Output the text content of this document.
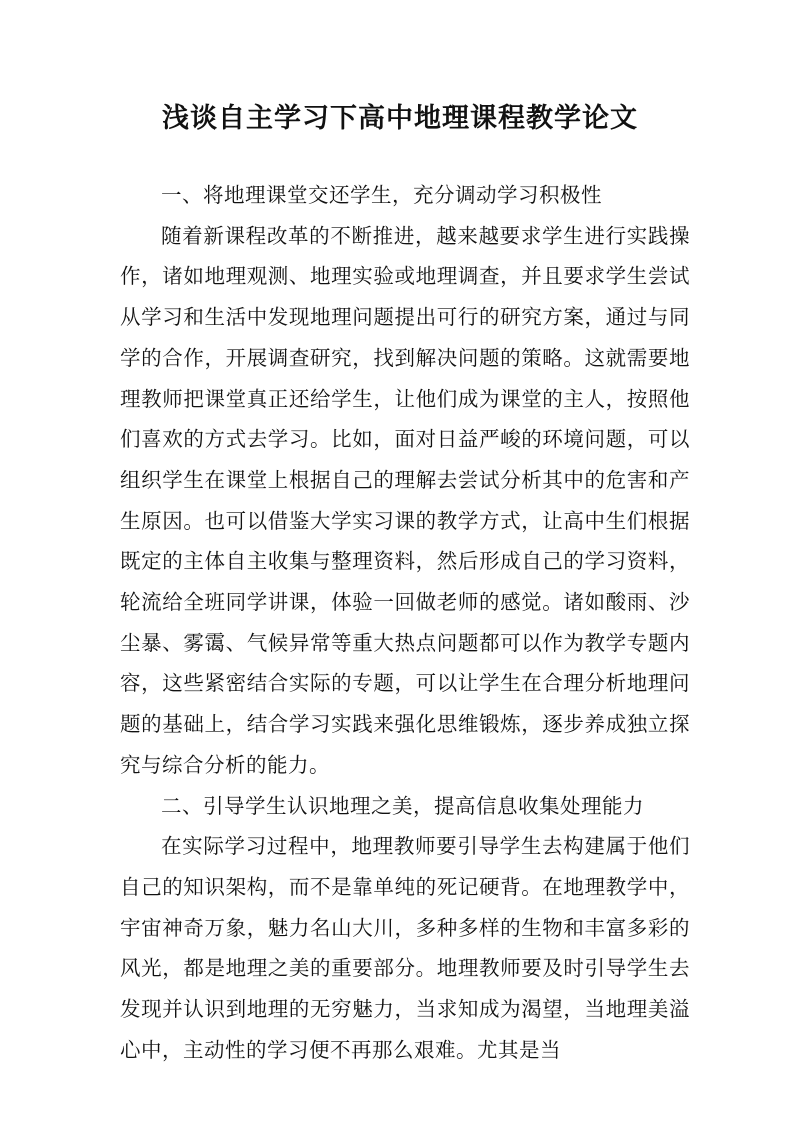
浅谈自主学习下高中地理课程教学论文

一、将地理课堂交还学生，充分调动学习积极性

随着新课程改革的不断推进，越来越要求学生进行实践操作，诸如地理观测、地理实验或地理调查，并且要求学生尝试从学习和生活中发现地理问题提出可行的研究方案，通过与同学的合作，开展调查研究，找到解决问题的策略。这就需要地理教师把课堂真正还给学生，让他们成为课堂的主人，按照他们喜欢的方式去学习。比如，面对日益严峻的环境问题，可以组织学生在课堂上根据自己的理解去尝试分析其中的危害和产生原因。也可以借鉴大学实习课的教学方式，让高中生们根据既定的主体自主收集与整理资料，然后形成自己的学习资料，轮流给全班同学讲课，体验一回做老师的感觉。诸如酸雨、沙尘暴、雾霭、气候异常等重大热点问题都可以作为教学专题内容，这些紧密结合实际的专题，可以让学生在合理分析地理问题的基础上，结合学习实践来强化思维锻炼，逐步养成独立探究与综合分析的能力。

二、引导学生认识地理之美，提高信息收集处理能力

在实际学习过程中，地理教师要引导学生去构建属于他们自己的知识架构，而不是靠单纯的死记硬背。在地理教学中，宇宙神奇万象，魅力名山大川，多种多样的生物和丰富多彩的风光，都是地理之美的重要部分。地理教师要及时引导学生去发现并认识到地理的无穷魅力，当求知成为渴望，当地理美溢心中，主动性的学习便不再那么艰难。尤其是当
